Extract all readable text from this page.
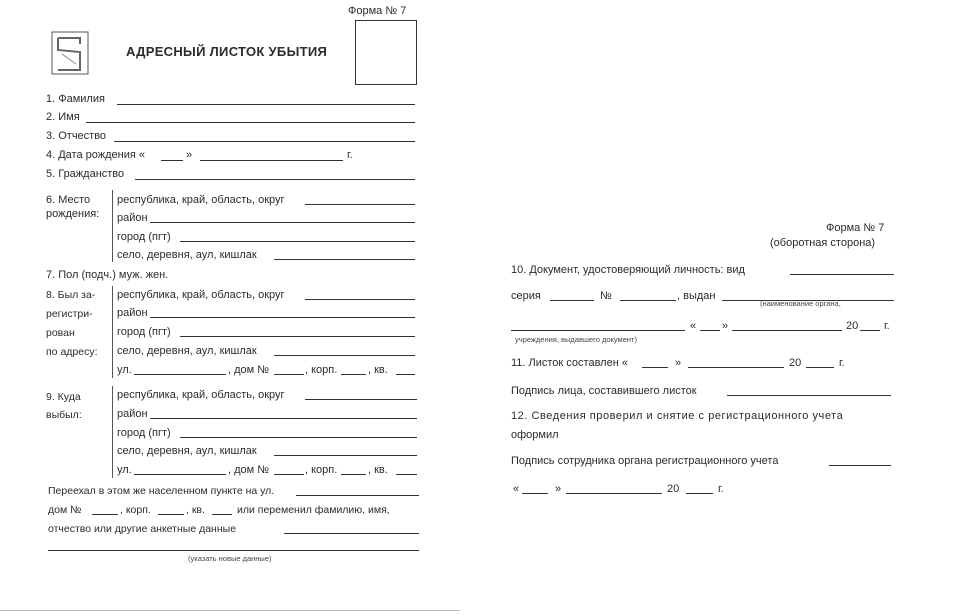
Форма № 7
АДРЕСНЫЙ ЛИСТОК УБЫТИЯ
1. Фамилия
2. Имя
3. Отчество
4. Дата рождения «	»	г.
5. Гражданство
6. Место
рождения:
республика, край, область, округ
район
город (пгт)
село, деревня, аул, кишлак
7. Пол (подч.) муж. жен.
8. Был за-
регистри-
рован
по адресу:
республика, край, область, округ
район
город (пгт)
село, деревня, аул, кишлак
ул.	, дом №	, корп.	, кв.
9. Куда
выбыл:
республика, край, область, округ
район
город (пгт)
село, деревня, аул, кишлак
ул.	, дом №	, корп.	, кв.
Переехал в этом же населенном пункте на ул.
дом №	, корп.	, кв.	или переменил фамилию, имя,
отчество или другие анкетные данные
(указать новые данные)
Форма № 7
(оборотная сторона)
10. Документ, удостоверяющий личность: вид
серия	№	, выдан
(наименование органа,
« »	20 г.
учреждения, выдавшего документ)
11. Листок составлен «	»	20	г.
Подпись лица, составившего листок
12. Сведения проверил и снятие с регистрационного учета
оформил
Подпись сотрудника органа регистрационного учета
«	»	20	г.
